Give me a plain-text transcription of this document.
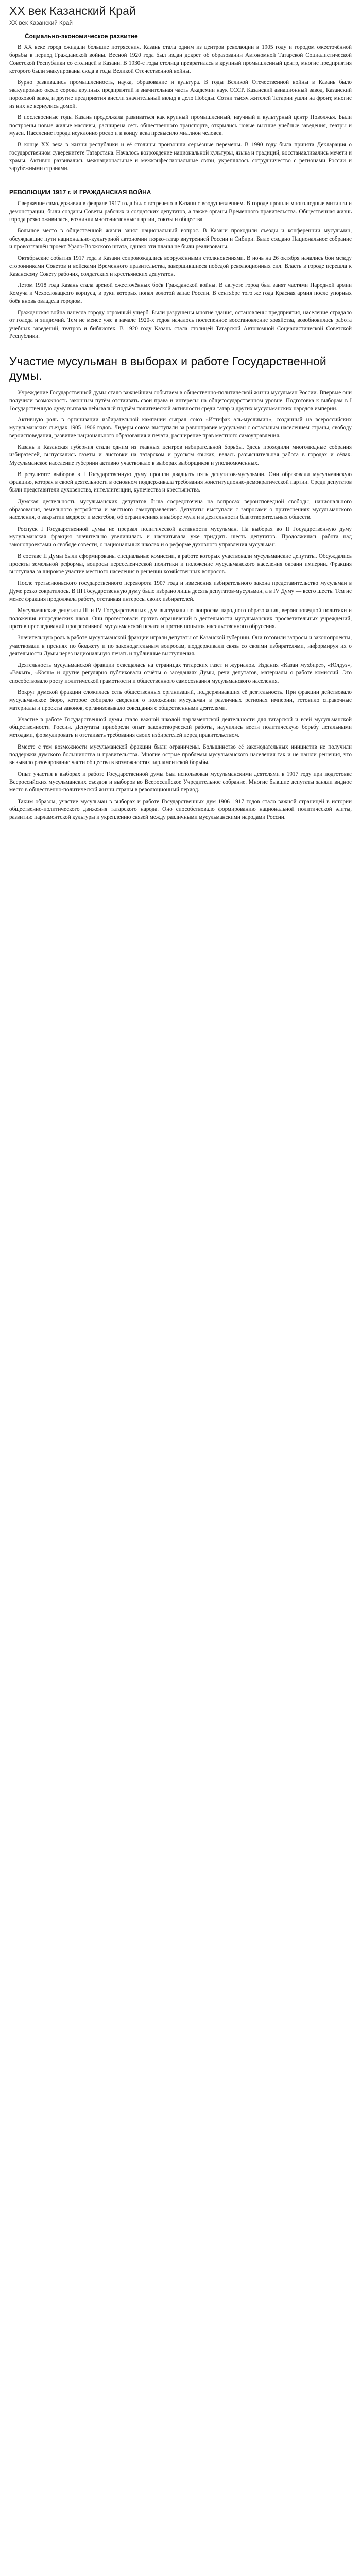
XX век Казанский Край
XX век Казанский Край
Социально-экономическое развитие

В XX веке город ожидали большие потрясения. Казань стала одним из центров революции в 1905 году и городом ожесточённой борьбы в период Гражданской войны. Весной 1920 года был издан декрет об образовании Автономной Татарской Социалистической Советской Республики со столицей в Казани. В 1930-е годы столица превратилась в крупный промышленный центр, многие предприятия которого были эвакуированы сюда в годы Великой Отечественной войны.

Бурно развивались промышленность, наука, образование и культура. В годы Великой Отечественной войны в Казань было эвакуировано около сорока крупных предприятий и значительная часть Академии наук СССР. Казанский авиационный завод, Казанский пороховой завод и другие предприятия внесли значительный вклад в дело Победы. Сотни тысяч жителей Татарии ушли на фронт, многие из них не вернулись домой.

В послевоенные годы Казань продолжала развиваться как крупный промышленный, научный и культурный центр Поволжья. Были построены новые жилые массивы, расширена сеть общественного транспорта, открылись новые высшие учебные заведения, театры и музеи. Население города неуклонно росло и к концу века превысило миллион человек.

В конце XX века в жизни республики и её столицы произошли серьёзные перемены. В 1990 году была принята Декларация о государственном суверенитете Татарстана. Началось возрождение национальной культуры, языка и традиций, восстанавливались мечети и храмы. Активно развивались межнациональные и межконфессиональные связи, укреплялось сотрудничество с регионами России и зарубежными странами.

РЕВОЛЮЦИИ 1917 г. И ГРАЖДАНСКАЯ ВОЙНА

Свержение самодержавия в феврале 1917 года было встречено в Казани с воодушевлением. В городе прошли многолюдные митинги и демонстрации, были созданы Советы рабочих и солдатских депутатов, а также органы Временного правительства. Общественная жизнь города резко оживилась, возникли многочисленные партии, союзы и общества.

Большое место в общественной жизни занял национальный вопрос. В Казани проходили съезды и конференции мусульман, обсуждавшие пути национально-культурной автономии тюрко-татар внутренней России и Сибири. Было создано Национальное собрание и провозглашён проект Урало-Волжского штата, однако эти планы не были реализованы.

Октябрьские события 1917 года в Казани сопровождались вооружёнными столкновениями. В ночь на 26 октября начались бои между сторонниками Советов и войсками Временного правительства, завершившиеся победой революционных сил. Власть в городе перешла к Казанскому Совету рабочих, солдатских и крестьянских депутатов.

Летом 1918 года Казань стала ареной ожесточённых боёв Гражданской войны. В августе город был занят частями Народной армии Комуча и Чехословацкого корпуса, в руки которых попал золотой запас России. В сентябре того же года Красная армия после упорных боёв вновь овладела городом.

Гражданская война нанесла городу огромный ущерб. Были разрушены многие здания, остановлены предприятия, население страдало от голода и эпидемий. Тем не менее уже в начале 1920-х годов началось постепенное восстановление хозяйства, возобновилась работа учебных заведений, театров и библиотек. В 1920 году Казань стала столицей Татарской Автономной Социалистической Советской Республики.

Участие мусульман в выборах и работе Государственной думы.

Учреждение Государственной думы стало важнейшим событием в общественно-политической жизни мусульман России. Впервые они получили возможность законным путём отстаивать свои права и интересы на общегосударственном уровне. Подготовка к выборам в I Государственную думу вызвала небывалый подъём политической активности среди татар и других мусульманских народов империи.

Активную роль в организации избирательной кампании сыграл союз «Иттифак аль-муслимин», созданный на всероссийских мусульманских съездах 1905–1906 годов. Лидеры союза выступали за равноправие мусульман с остальным населением страны, свободу вероисповедания, развитие национального образования и печати, расширение прав местного самоуправления.

Казань и Казанская губерния стали одним из главных центров избирательной борьбы. Здесь проходили многолюдные собрания избирателей, выпускались газеты и листовки на татарском и русском языках, велась разъяснительная работа в городах и сёлах. Мусульманское население губернии активно участвовало в выборах выборщиков и уполномоченных.

В результате выборов в I Государственную думу прошли двадцать пять депутатов-мусульман. Они образовали мусульманскую фракцию, которая в своей деятельности в основном поддерживала требования конституционно-демократической партии. Среди депутатов были представители духовенства, интеллигенции, купечества и крестьянства.

Думская деятельность мусульманских депутатов была сосредоточена на вопросах вероисповедной свободы, национального образования, земельного устройства и местного самоуправления. Депутаты выступали с запросами о притеснениях мусульманского населения, о закрытии медресе и мектебов, об ограничениях в выборе мулл и в деятельности благотворительных обществ.

Роспуск I Государственной думы не прервал политической активности мусульман. На выборах во II Государственную думу мусульманская фракция значительно увеличилась и насчитывала уже тридцать шесть депутатов. Продолжилась работа над законопроектами о свободе совести, о национальных школах и о реформе духовного управления мусульман.

В составе II Думы были сформированы специальные комиссии, в работе которых участвовали мусульманские депутаты. Обсуждались проекты земельной реформы, вопросы переселенческой политики и положение мусульманского населения окраин империи. Фракция выступала за широкое участие местного населения в решении хозяйственных вопросов.

После третьеиюньского государственного переворота 1907 года и изменения избирательного закона представительство мусульман в Думе резко сократилось. В III Государственную думу было избрано лишь десять депутатов-мусульман, а в IV Думу — всего шесть. Тем не менее фракция продолжала работу, отстаивая интересы своих избирателей.

Мусульманские депутаты III и IV Государственных дум выступали по вопросам народного образования, вероисповедной политики и положения инородческих школ. Они протестовали против ограничений в деятельности мусульманских просветительных учреждений, против преследований прогрессивной мусульманской печати и против попыток насильственного обрусения.

Значительную роль в работе мусульманской фракции играли депутаты от Казанской губернии. Они готовили запросы и законопроекты, участвовали в прениях по бюджету и по законодательным вопросам, поддерживали связь со своими избирателями, информируя их о деятельности Думы через национальную печать и публичные выступления.

Деятельность мусульманской фракции освещалась на страницах татарских газет и журналов. Издания «Казан мухбире», «Юлдуз», «Вакыт», «Кояш» и другие регулярно публиковали отчёты о заседаниях Думы, речи депутатов, материалы о работе комиссий. Это способствовало росту политической грамотности и общественного самосознания мусульманского населения.

Вокруг думской фракции сложилась сеть общественных организаций, поддерживавших её деятельность. При фракции действовало мусульманское бюро, которое собирало сведения о положении мусульман в различных регионах империи, готовило справочные материалы и проекты законов, организовывало совещания с общественными деятелями.

Участие в работе Государственной думы стало важной школой парламентской деятельности для татарской и всей мусульманской общественности России. Депутаты приобрели опыт законотворческой работы, научились вести политическую борьбу легальными методами, формулировать и отстаивать требования своих избирателей перед правительством.

Вместе с тем возможности мусульманской фракции были ограничены. Большинство её законодательных инициатив не получили поддержки думского большинства и правительства. Многие острые проблемы мусульманского населения так и не нашли решения, что вызывало разочарование части общества в возможностях парламентской борьбы.

Опыт участия в выборах и работе Государственной думы был использован мусульманскими деятелями в 1917 году при подготовке Всероссийских мусульманских съездов и выборов во Всероссийское Учредительное собрание. Многие бывшие депутаты заняли видное место в общественно-политической жизни страны в революционный период.

Таким образом, участие мусульман в выборах и работе Государственных дум 1906–1917 годов стало важной страницей в истории общественно-политического движения татарского народа. Оно способствовало формированию национальной политической элиты, развитию парламентской культуры и укреплению связей между различными мусульманскими народами России.
